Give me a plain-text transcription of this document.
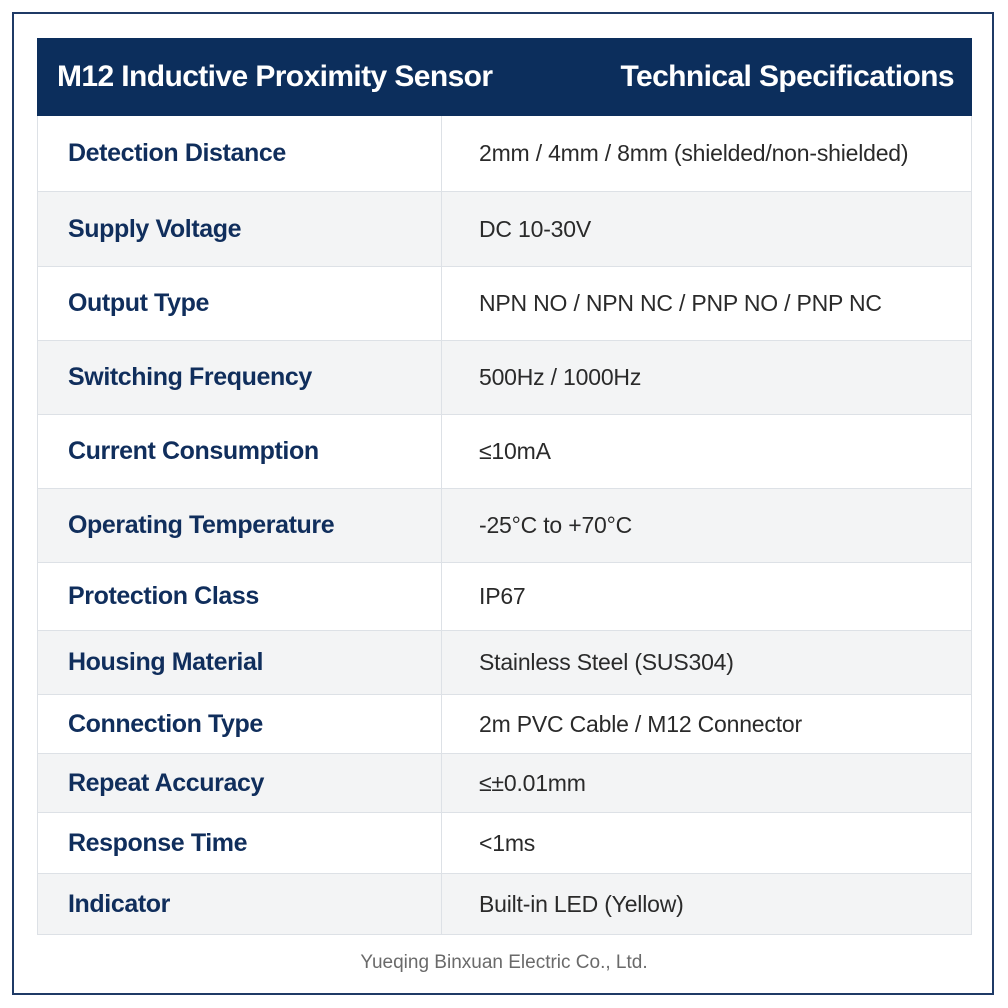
M12 Inductive Proximity Sensor	Technical Specifications
Detection Distance	2mm / 4mm / 8mm (shielded/non-shielded)
Supply Voltage	DC 10-30V
Output Type	NPN NO / NPN NC / PNP NO / PNP NC
Switching Frequency	500Hz / 1000Hz
Current Consumption	≤10mA
Operating Temperature	-25°C to +70°C
Protection Class	IP67
Housing Material	Stainless Steel (SUS304)
Connection Type	2m PVC Cable / M12 Connector
Repeat Accuracy	≤±0.01mm
Response Time	<1ms
Indicator	Built-in LED (Yellow)
Yueqing Binxuan Electric Co., Ltd.
